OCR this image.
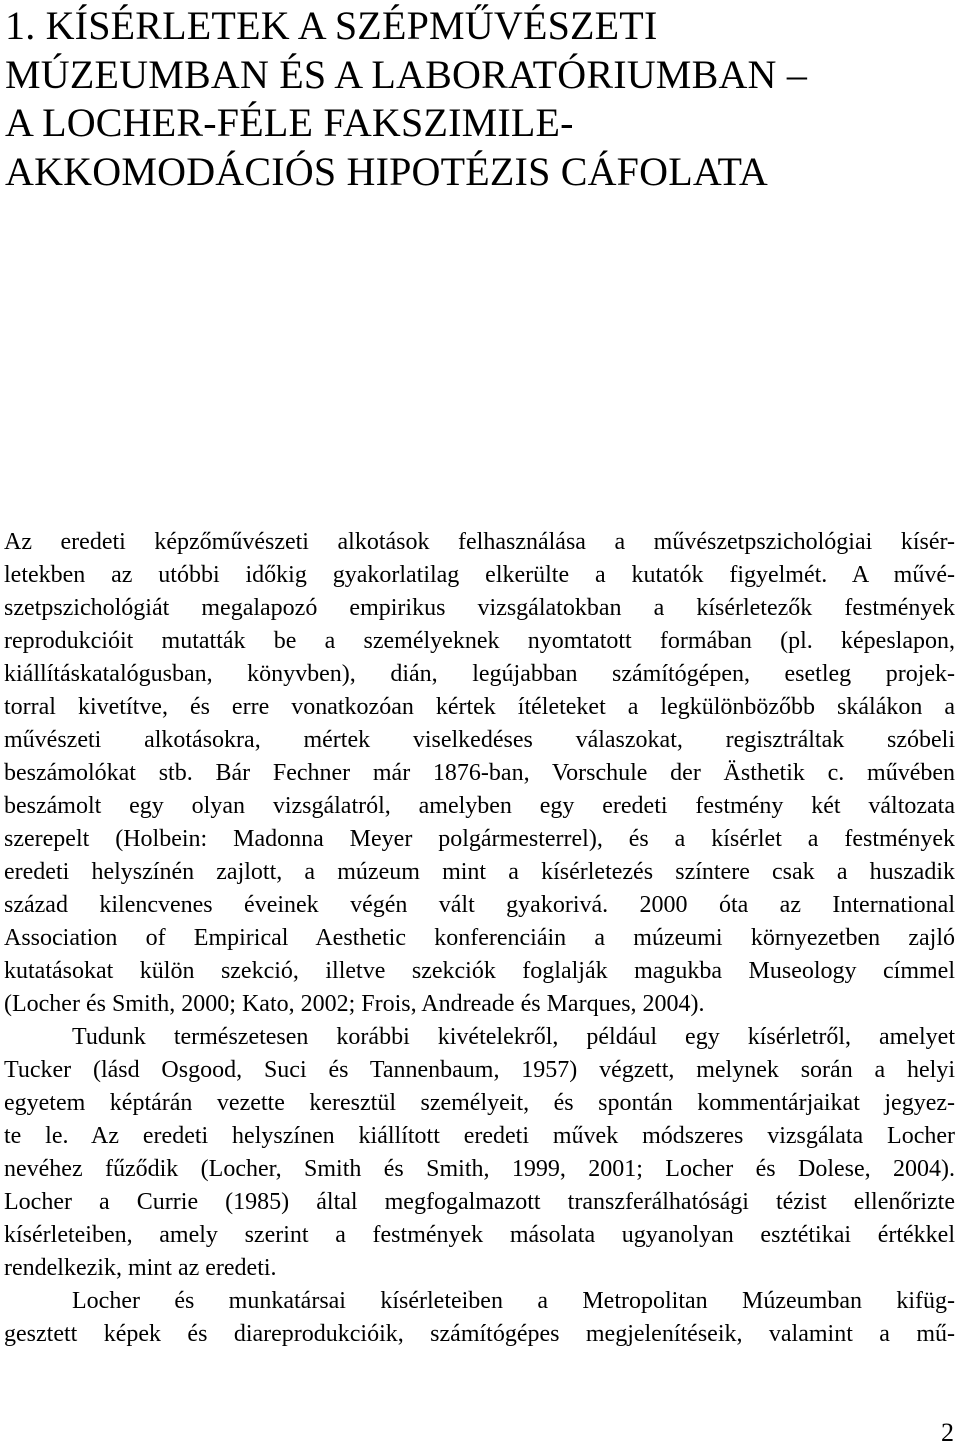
1. KÍSÉRLETEK A SZÉPMŰVÉSZETI
MÚZEUMBAN ÉS A LABORATÓRIUMBAN –
A LOCHER-FÉLE FAKSZIMILE-
AKKOMODÁCIÓS HIPOTÉZIS CÁFOLATA

Az eredeti képzőművészeti alkotások felhasználása a művészetpszichológiai kísér-
letekben az utóbbi időkig gyakorlatilag elkerülte a kutatók figyelmét. A művé-
szetpszichológiát megalapozó empirikus vizsgálatokban a kísérletezők festmények
reprodukcióit mutatták be a személyeknek nyomtatott formában (pl. képeslapon,
kiállításkatalógusban, könyvben), dián, legújabban számítógépen, esetleg projek-
torral kivetítve, és erre vonatkozóan kértek ítéleteket a legkülönbözőbb skálákon a
művészeti alkotásokra, mértek viselkedéses válaszokat, regisztráltak szóbeli
beszámolókat stb. Bár Fechner már 1876-ban, Vorschule der Ästhetik c. művében
beszámolt egy olyan vizsgálatról, amelyben egy eredeti festmény két változata
szerepelt (Holbein: Madonna Meyer polgármesterrel), és a kísérlet a festmények
eredeti helyszínén zajlott, a múzeum mint a kísérletezés színtere csak a huszadik
század kilencvenes éveinek végén vált gyakorivá. 2000 óta az International
Association of Empirical Aesthetic konferenciáin a múzeumi környezetben zajló
kutatásokat külön szekció, illetve szekciók foglalják magukba Museology címmel
(Locher és Smith, 2000; Kato, 2002; Frois, Andreade és Marques, 2004).

Tudunk természetesen korábbi kivételekről, például egy kísérletről, amelyet
Tucker (lásd Osgood, Suci és Tannenbaum, 1957) végzett, melynek során a helyi
egyetem képtárán vezette keresztül személyeit, és spontán kommentárjaikat jegyez-
te le. Az eredeti helyszínen kiállított eredeti művek módszeres vizsgálata Locher
nevéhez fűződik (Locher, Smith és Smith, 1999, 2001; Locher és Dolese, 2004).
Locher a Currie (1985) által megfogalmazott transzferálhatósági tézist ellenőrizte
kísérleteiben, amely szerint a festmények másolata ugyanolyan esztétikai értékkel
rendelkezik, mint az eredeti.

Locher és munkatársai kísérleteiben a Metropolitan Múzeumban kifüg-
gesztett képek és diareprodukcióik, számítógépes megjelenítéseik, valamint a mű-

2
